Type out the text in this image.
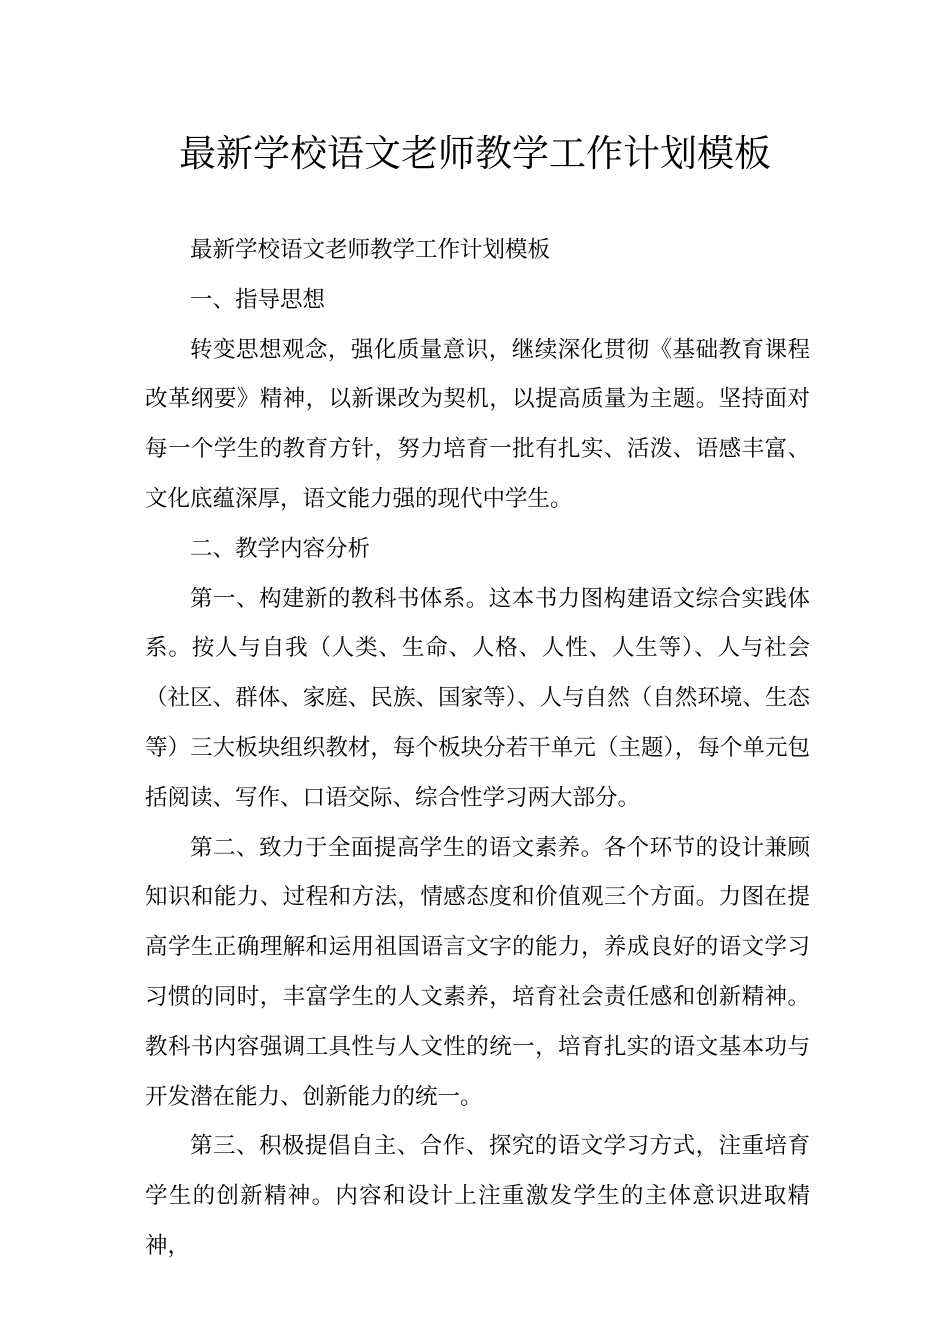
最新学校语文老师教学工作计划模板

最新学校语文老师教学工作计划模板

一、指导思想

转变思想观念，强化质量意识，继续深化贯彻《基础教育课程改革纲要》精神，以新课改为契机，以提高质量为主题。坚持面对每一个学生的教育方针，努力培育一批有扎实、活泼、语感丰富、文化底蕴深厚，语文能力强的现代中学生。

二、教学内容分析

第一、构建新的教科书体系。这本书力图构建语文综合实践体系。按人与自我（人类、生命、人格、人性、人生等）、人与社会（社区、群体、家庭、民族、国家等）、人与自然（自然环境、生态等）三大板块组织教材，每个板块分若干单元（主题），每个单元包括阅读、写作、口语交际、综合性学习两大部分。

第二、致力于全面提高学生的语文素养。各个环节的设计兼顾知识和能力、过程和方法，情感态度和价值观三个方面。力图在提高学生正确理解和运用祖国语言文字的能力，养成良好的语文学习习惯的同时，丰富学生的人文素养，培育社会责任感和创新精神。教科书内容强调工具性与人文性的统一，培育扎实的语文基本功与开发潜在能力、创新能力的统一。

第三、积极提倡自主、合作、探究的语文学习方式，注重培育学生的创新精神。内容和设计上注重激发学生的主体意识进取精神，
